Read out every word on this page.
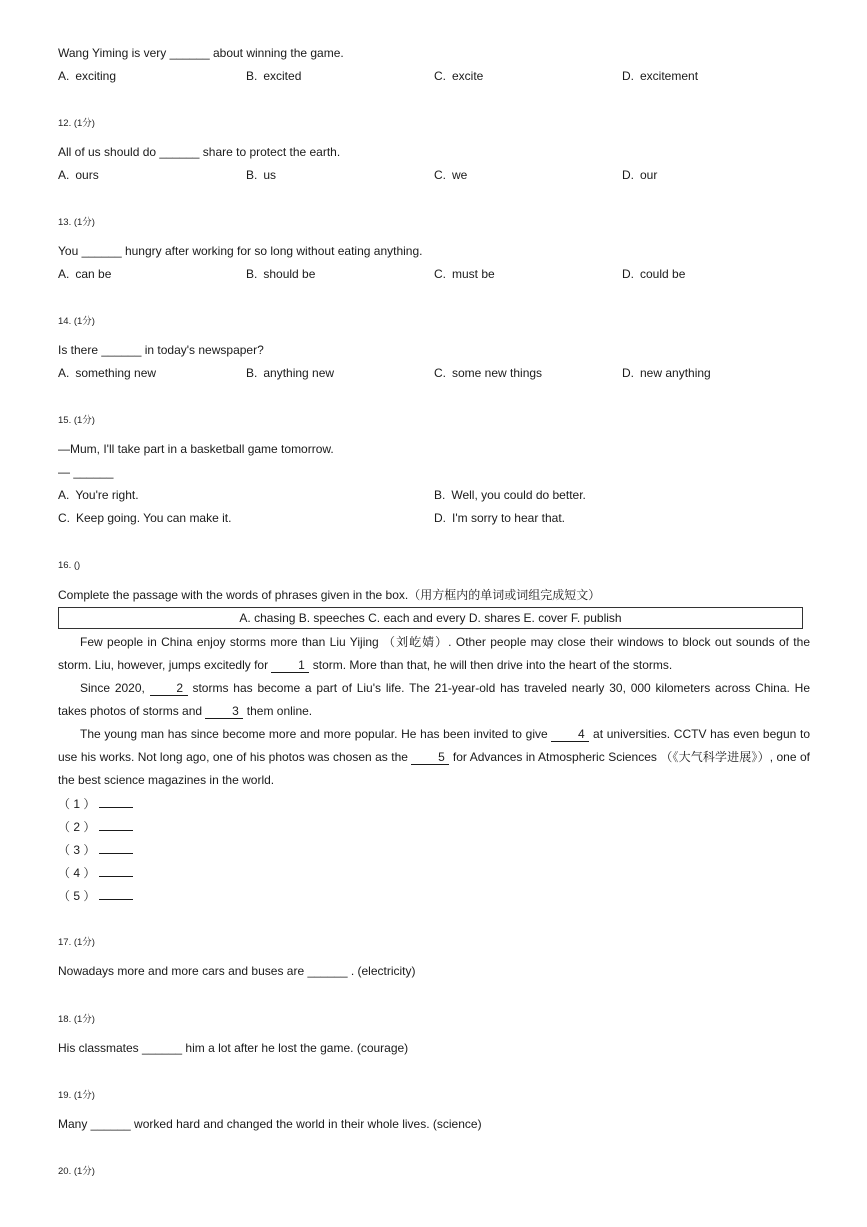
Wang Yiming is very ______ about winning the game.
A. exciting	B. excited	C. excite	D. excitement
12. (1分)
All of us should do ______ share to protect the earth.
A. ours	B. us	C. we	D. our
13. (1分)
You ______ hungry after working for so long without eating anything.
A. can be	B. should be	C. must be	D. could be
14. (1分)
Is there ______ in today's newspaper?
A. something new	B. anything new	C. some new things	D. new anything
15. (1分)
—Mum, I'll take part in a basketball game tomorrow.
— ______
A. You're right.	B. Well, you could do better.
C. Keep going. You can make it.	D. I'm sorry to hear that.
16. ()
Complete the passage with the words of phrases given in the box.（用方框内的单词或词组完成短文）
A. chasing B. speeches C. each and every D. shares E. cover F. publish
Few people in China enjoy storms more than Liu Yijing （刘屹婧）. Other people may close their windows to block out sounds of the storm. Liu, however, jumps excitedly for 1 storm. More than that, he will then drive into the heart of the storms.
Since 2020, 2 storms has become a part of Liu's life. The 21-year-old has traveled nearly 30, 000 kilometers across China. He takes photos of storms and 3 them online.
The young man has since become more and more popular. He has been invited to give 4 at universities. CCTV has even begun to use his works. Not long ago, one of his photos was chosen as the 5 for Advances in Atmospheric Sciences （《大气科学进展》）, one of the best science magazines in the world.
（ 1 ）
（ 2 ）
（ 3 ）
（ 4 ）
（ 5 ）
17. (1分)
Nowadays more and more cars and buses are ______ . (electricity)
18. (1分)
His classmates ______ him a lot after he lost the game. (courage)
19. (1分)
Many ______ worked hard and changed the world in their whole lives. (science)
20. (1分)
